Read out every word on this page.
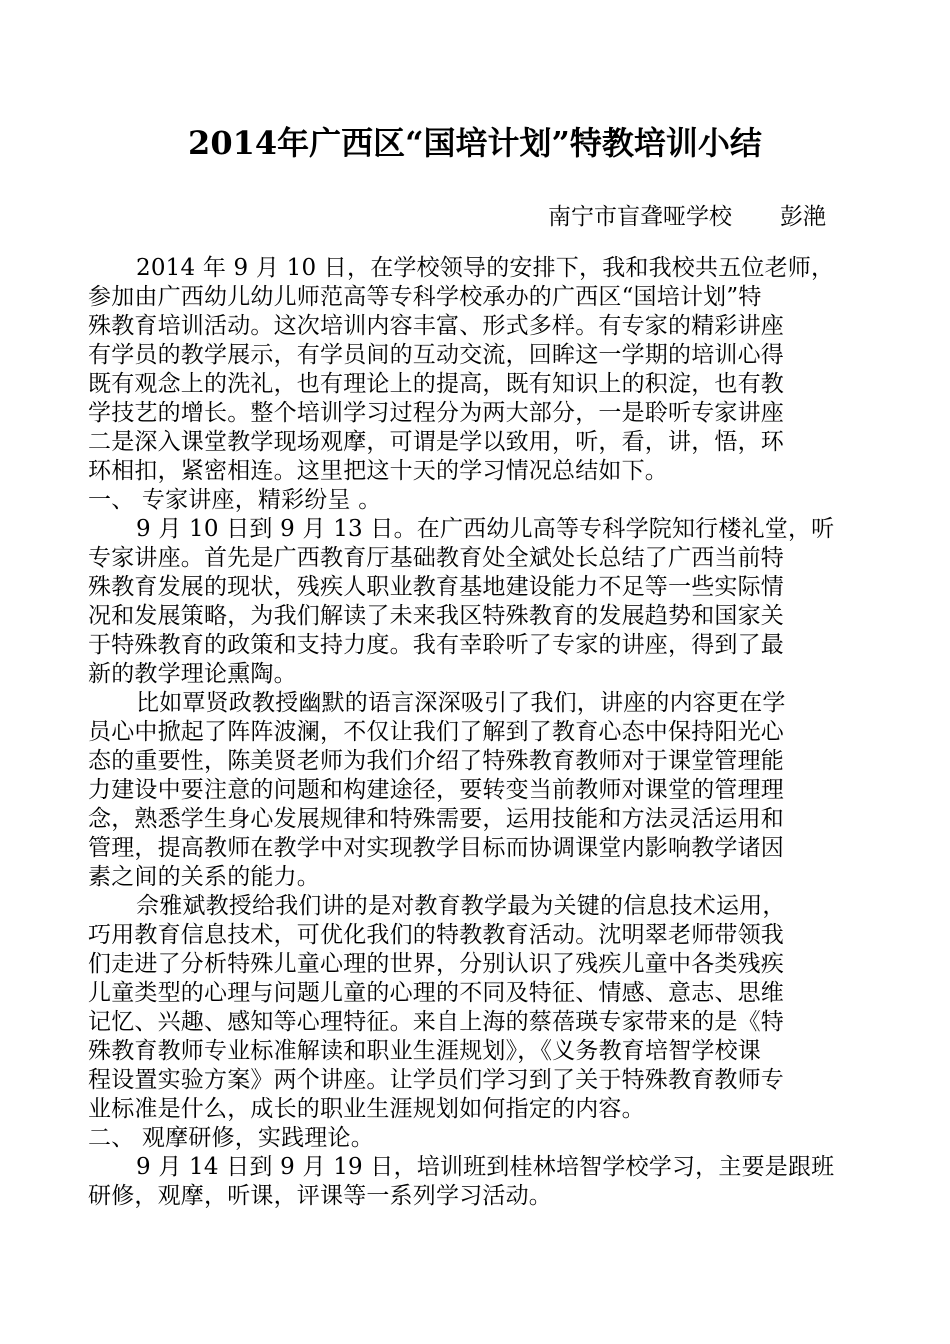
2014年广西区“国培计划”特教培训小结
南宁市盲聋哑学校 彭滟
2014 年 9 月 10 日，在学校领导的安排下，我和我校共五位老师，
参加由广西幼儿幼儿师范高等专科学校承办的广西区“国培计划”特
殊教育培训活动。这次培训内容丰富、形式多样。有专家的精彩讲座
有学员的教学展示，有学员间的互动交流，回眸这一学期的培训心得
既有观念上的洗礼，也有理论上的提高，既有知识上的积淀，也有教
学技艺的增长。整个培训学习过程分为两大部分，一是聆听专家讲座
二是深入课堂教学现场观摩，可谓是学以致用，听，看，讲，悟，环
环相扣，紧密相连。这里把这十天的学习情况总结如下。
一、 专家讲座，精彩纷呈 。
9 月 10 日到 9 月 13 日。在广西幼儿高等专科学院知行楼礼堂，听
专家讲座。首先是广西教育厅基础教育处全斌处长总结了广西当前特
殊教育发展的现状，残疾人职业教育基地建设能力不足等一些实际情
况和发展策略，为我们解读了未来我区特殊教育的发展趋势和国家关
于特殊教育的政策和支持力度。我有幸聆听了专家的讲座，得到了最
新的教学理论熏陶。
比如覃贤政教授幽默的语言深深吸引了我们，讲座的内容更在学
员心中掀起了阵阵波澜，不仅让我们了解到了教育心态中保持阳光心
态的重要性，陈美贤老师为我们介绍了特殊教育教师对于课堂管理能
力建设中要注意的问题和构建途径，要转变当前教师对课堂的管理理
念，熟悉学生身心发展规律和特殊需要，运用技能和方法灵活运用和
管理，提高教师在教学中对实现教学目标而协调课堂内影响教学诸因
素之间的关系的能力。
佘雅斌教授给我们讲的是对教育教学最为关键的信息技术运用，
巧用教育信息技术，可优化我们的特教教育活动。沈明翠老师带领我
们走进了分析特殊儿童心理的世界，分别认识了残疾儿童中各类残疾
儿童类型的心理与问题儿童的心理的不同及特征、情感、意志、思维
记忆、兴趣、感知等心理特征。来自上海的蔡蓓瑛专家带来的是《特
殊教育教师专业标准解读和职业生涯规划》，《义务教育培智学校课
程设置实验方案》两个讲座。让学员们学习到了关于特殊教育教师专
业标准是什么，成长的职业生涯规划如何指定的内容。
二、 观摩研修，实践理论。
9 月 14 日到 9 月 19 日，培训班到桂林培智学校学习，主要是跟班
研修，观摩，听课，评课等一系列学习活动。
